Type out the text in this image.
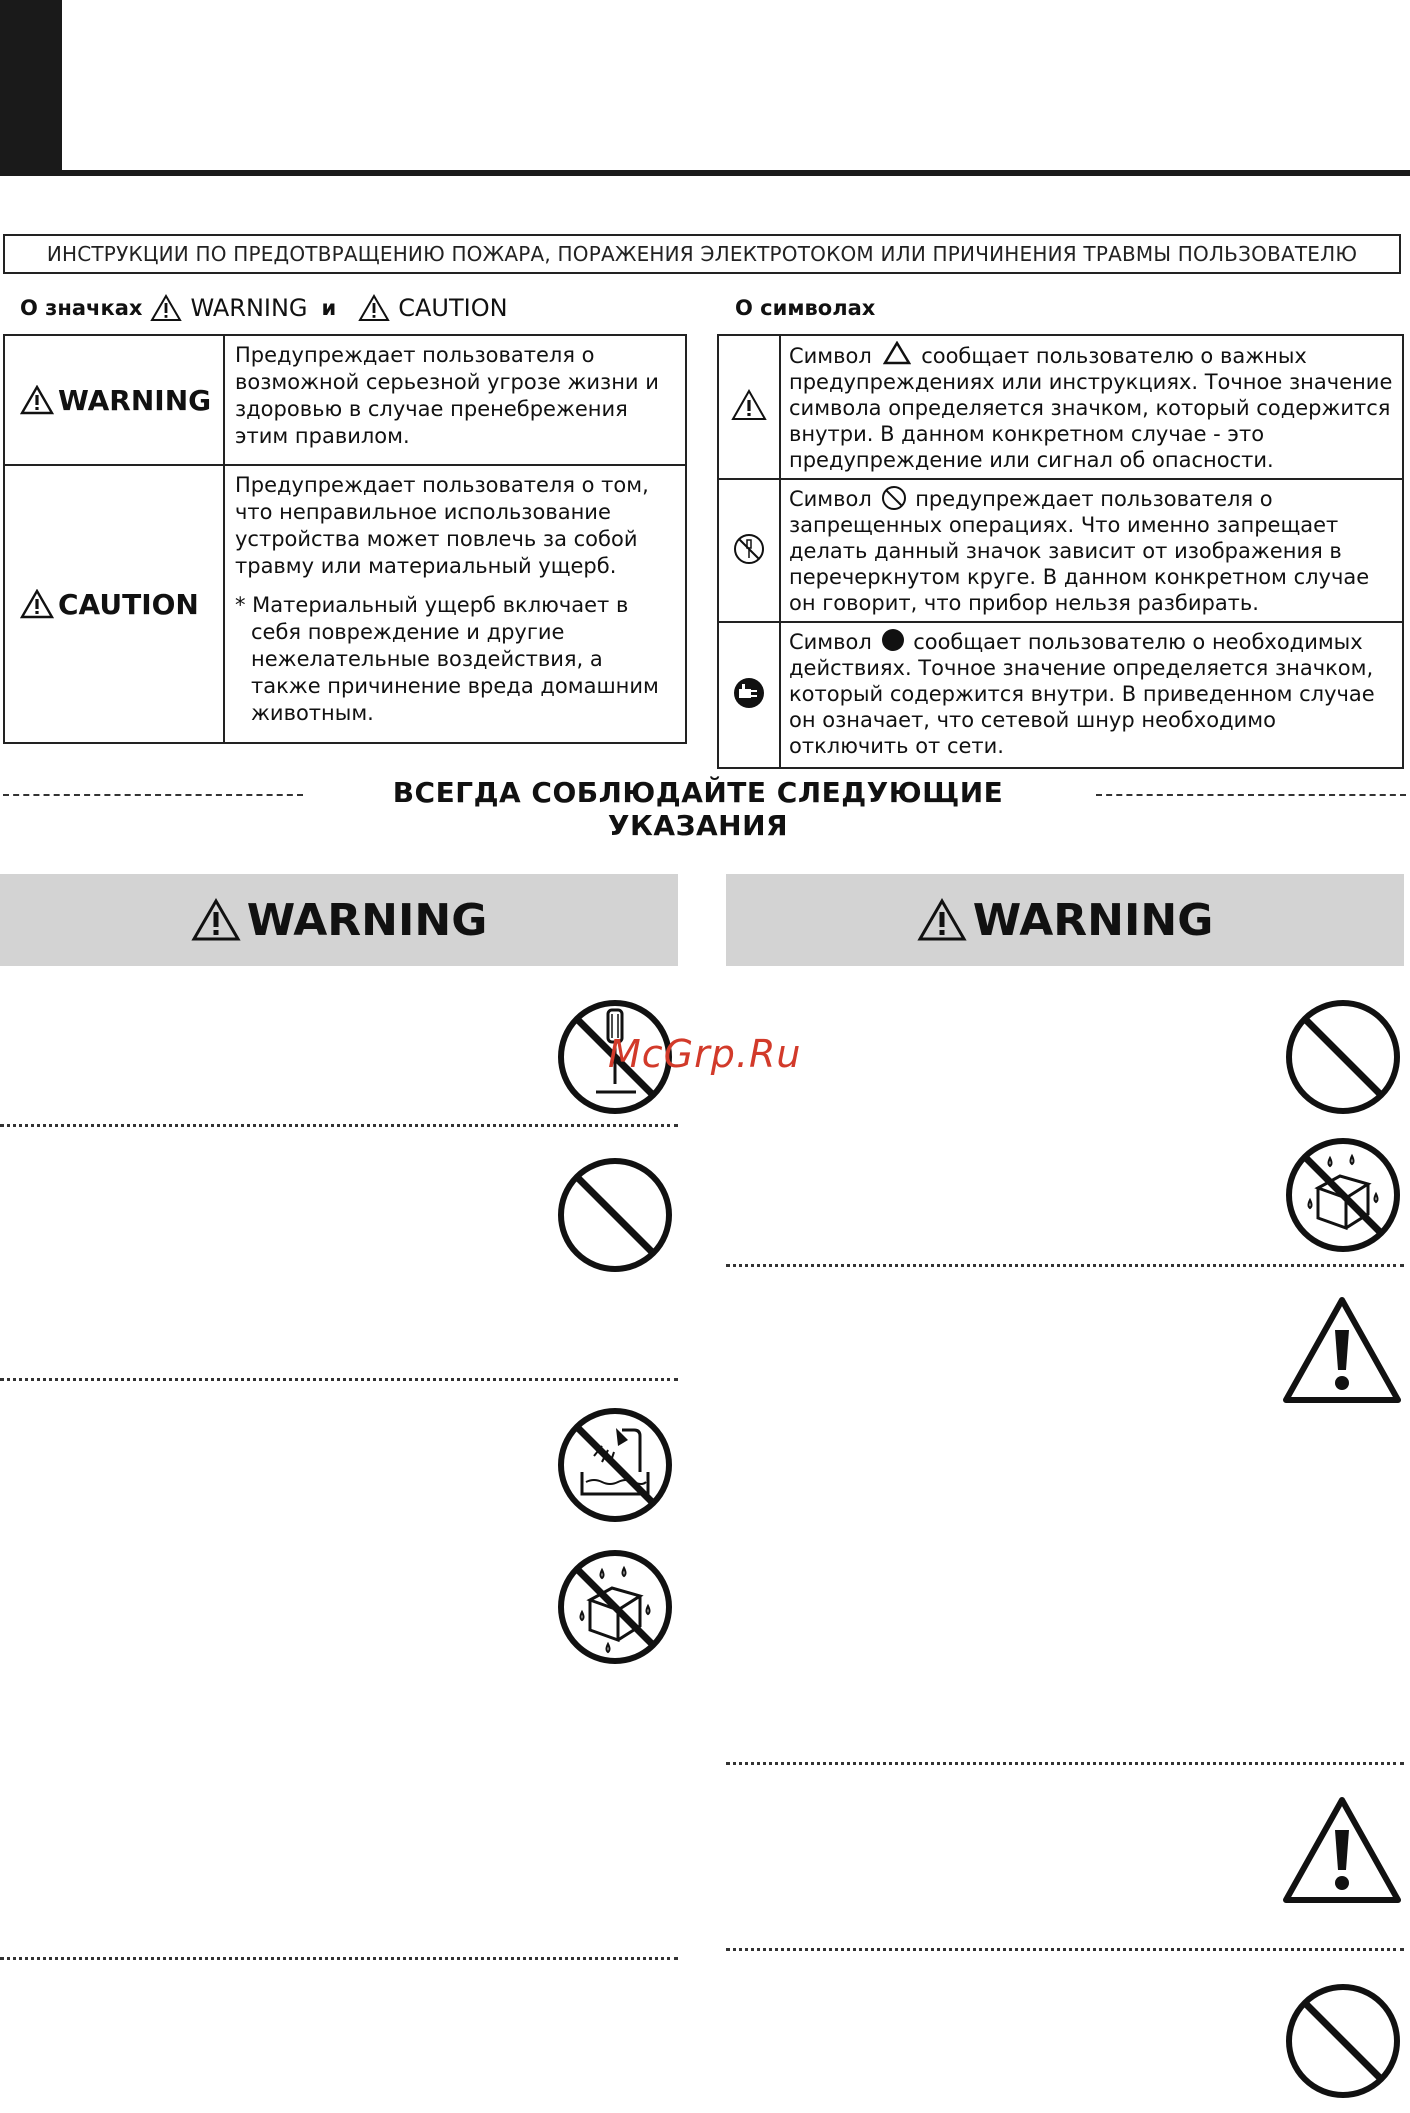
ИНСТРУКЦИИ ПО ПРЕДОТВРАЩЕНИЮ ПОЖАРА, ПОРАЖЕНИЯ ЭЛЕКТРОТОКОМ ИЛИ ПРИЧИНЕНИЯ ТРАВМЫ ПОЛЬЗОВАТЕЛЮ
О значках WARNING и	CAUTION	О символах
WARNING	Предупреждает пользователя о возможной серьезной угрозе жизни и здоровью в случае пренебрежения этим правилом.

CAUTION	Предупреждает пользователя о том, что неправильное использование устройства может повлечь за собой травму или материальный ущерб.
* Материальный ущерб включает в себя повреждение и другие нежелательные воздействия, а также причинение вреда домашним животным.
	Символ сообщает пользователю о важных предупреждениях или инструкциях. Точное значение символа определяется значком, который содержится внутри. В данном конкретном случае - это предупреждение или сигнал об опасности.
	Символ предупреждает пользователя о запрещенных операциях. Что именно запрещает делать данный значок зависит от изображения в перечеркнутом круге. В данном конкретном случае он говорит, что прибор нельзя разбирать.
	Символ сообщает пользователю о необходимых действиях. Точное значение определяется значком, который содержится внутри. В приведенном случае он означает, что сетевой шнур необходимо отключить от сети.
ВСЕГДА СОБЛЮДАЙТЕ СЛЕДУЮЩИЕ УКАЗАНИЯ
WARNING	WARNING
McGrp.Ru
